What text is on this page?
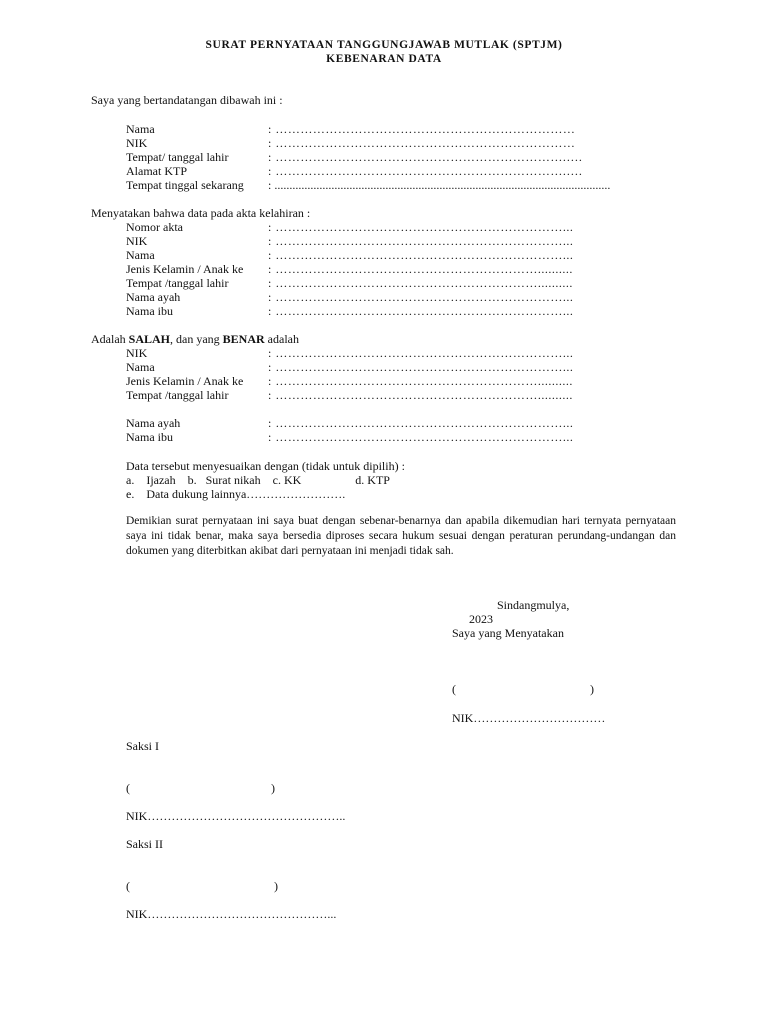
SURAT PERNYATAAN TANGGUNGJAWAB MUTLAK (SPTJM)
KEBENARAN DATA
Saya yang bertandatangan dibawah ini :
Nama	: ………………………………………………………………
NIK	: ………………………………………………………………
Tempat/ tanggal lahir	: …………………………………………………………….….
Alamat KTP	: …………………………………………………………….….
Tempat tinggal sekarang : ................................................................................................................
Menyatakan bahwa data pada akta kelahiran :
Nomor akta	: ……………………………………………………………...
NIK	: ……………………………………………………………...
Nama	: ……………………………………………………………...
Jenis Kelamin / Anak ke : ………………………………………………………..........
Tempat /tanggal lahir	: ………………………………………………………..........
Nama ayah	: ……………………………………………………………...
Nama ibu	: ……………………………………………………………...
Adalah SALAH, dan yang BENAR adalah
NIK	: ……………………………………………………………...
Nama	: ……………………………………………………………...
Jenis Kelamin / Anak ke : ………………………………………………………..........
Tempat /tanggal lahir	: ………………………………………………………..........
Nama ayah	: ……………………………………………………………...
Nama ibu	: ……………………………………………………………...
Data tersebut menyesuaikan dengan (tidak untuk dipilih) :
a.    Ijazah    b.   Surat nikah    c. KK                  d. KTP
e.    Data dukung lainnya…………………….
Demikian surat pernyataan ini saya buat dengan sebenar-benarnya dan apabila dikemudian hari ternyata pernyataan saya ini tidak benar, maka saya bersedia diproses secara hukum sesuai dengan peraturan perundang-undangan dan dokumen yang diterbitkan akibat dari pernyataan ini menjadi tidak sah.
Sindangmulya,
2023
Saya yang Menyatakan
(	)
NIK……………………………
Saksi I
(	)
NIK…………………………………………..
Saksi II
(	)
NIK………………………………………...
